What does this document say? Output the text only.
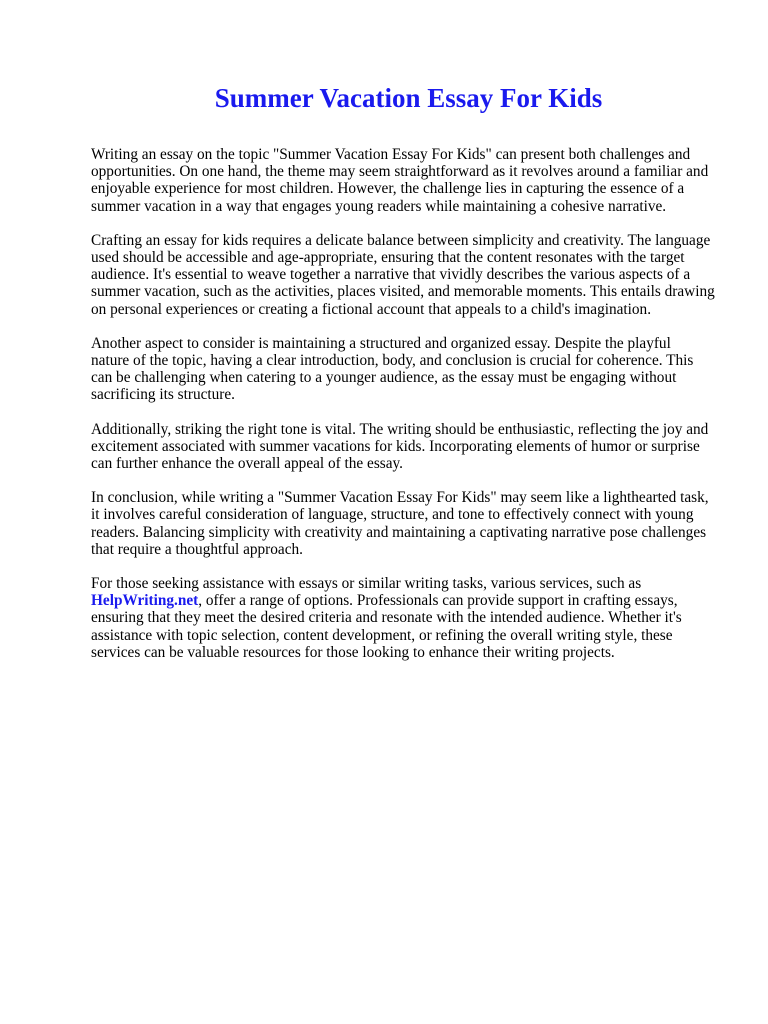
Summer Vacation Essay For Kids

Writing an essay on the topic "Summer Vacation Essay For Kids" can present both challenges and
opportunities. On one hand, the theme may seem straightforward as it revolves around a familiar and
enjoyable experience for most children. However, the challenge lies in capturing the essence of a
summer vacation in a way that engages young readers while maintaining a cohesive narrative.

Crafting an essay for kids requires a delicate balance between simplicity and creativity. The language
used should be accessible and age-appropriate, ensuring that the content resonates with the target
audience. It's essential to weave together a narrative that vividly describes the various aspects of a
summer vacation, such as the activities, places visited, and memorable moments. This entails drawing
on personal experiences or creating a fictional account that appeals to a child's imagination.

Another aspect to consider is maintaining a structured and organized essay. Despite the playful
nature of the topic, having a clear introduction, body, and conclusion is crucial for coherence. This
can be challenging when catering to a younger audience, as the essay must be engaging without
sacrificing its structure.

Additionally, striking the right tone is vital. The writing should be enthusiastic, reflecting the joy and
excitement associated with summer vacations for kids. Incorporating elements of humor or surprise
can further enhance the overall appeal of the essay.

In conclusion, while writing a "Summer Vacation Essay For Kids" may seem like a lighthearted task,
it involves careful consideration of language, structure, and tone to effectively connect with young
readers. Balancing simplicity with creativity and maintaining a captivating narrative pose challenges
that require a thoughtful approach.

For those seeking assistance with essays or similar writing tasks, various services, such as
HelpWriting.net, offer a range of options. Professionals can provide support in crafting essays,
ensuring that they meet the desired criteria and resonate with the intended audience. Whether it's
assistance with topic selection, content development, or refining the overall writing style, these
services can be valuable resources for those looking to enhance their writing projects.
